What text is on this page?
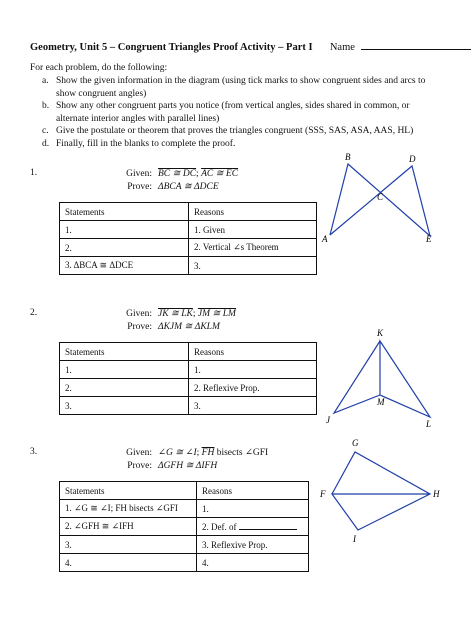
Geometry, Unit 5 – Congruent Triangles Proof Activity – Part I Name
For each problem, do the following:
a. Show the given information in the diagram (using tick marks to show congruent sides and arcs to show congruent angles)
b. Show any other congruent parts you notice (from vertical angles, sides shared in common, or alternate interior angles with parallel lines)
c. Give the postulate or theorem that proves the triangles congruent (SSS, SAS, ASA, AAS, HL)
d. Finally, fill in the blanks to complete the proof.
1.	Given: BC ≅ DC; AC ≅ EC
Prove: ΔBCA ≅ ΔDCE
Statements	Reasons
1.	1. Given
2.	2. Vertical ∠s Theorem
3. ΔBCA ≅ ΔDCE	3.
A
B
C
D
E
2.	Given: JK ≅ LK; JM ≅ LM
Prove: ΔKJM ≅ ΔKLM
Statements	Reasons
1.	1.
2.	2. Reflexive Prop.
3.	3.
K
M
J	L
3.	Given: ∠G ≅ ∠I; $\overline{FH}$ bisects ∠GFI
Prove: ΔGFH ≅ ΔIFH
Statements	Reasons
1. ∠G ≅ ∠I; FH bisects ∠GFI	1.
2. ∠GFH ≅ ∠IFH	2. Def. of
3.	3. Reflexive Prop.
4.	4.
G
F	H
I
